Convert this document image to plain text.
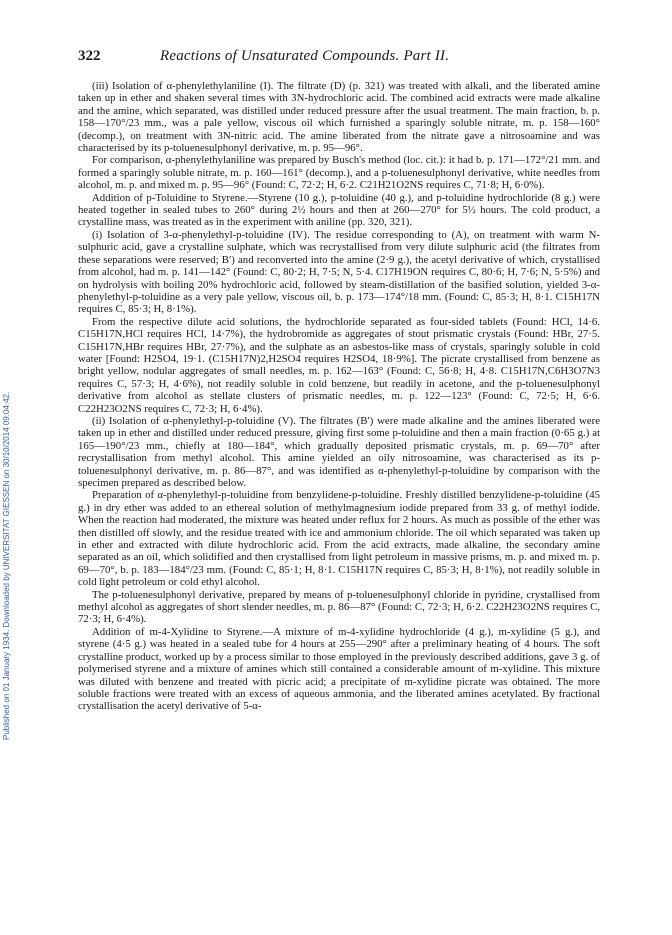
322	Reactions of Unsaturated Compounds. Part II.
Published on 01 January 1934. Downloaded by UNIVERSITAT GIESSEN on 30/10/2014 09:04:42.

(iii) Isolation of α-phenylethylaniline (I). The filtrate (D) (p. 321) was treated with alkali, and the liberated amine taken up in ether and shaken several times with 3N-hydrochloric acid. The combined acid extracts were made alkaline and the amine, which separated, was distilled under reduced pressure after the usual treatment. The main fraction, b. p. 158—170°/23 mm., was a pale yellow, viscous oil which furnished a sparingly soluble nitrate, m. p. 158—160° (decomp.), on treatment with 3N-nitric acid. The amine liberated from the nitrate gave a nitrosoamine and was characterised by its p-toluenesulphonyl derivative, m. p. 95—96°.

For comparison, α-phenylethylaniline was prepared by Busch's method (loc. cit.): it had b. p. 171—172°/21 mm. and formed a sparingly soluble nitrate, m. p. 160—161° (decomp.), and a p-toluenesulphonyl derivative, white needles from alcohol, m. p. and mixed m. p. 95—96° (Found: C, 72·2; H, 6·2. C21H21O2NS requires C, 71·8; H, 6·0%).

Addition of p-Toluidine to Styrene.—Styrene (10 g.), p-toluidine (40 g.), and p-toluidine hydrochloride (8 g.) were heated together in sealed tubes to 260° during 2½ hours and then at 260—270° for 5½ hours. The cold product, a crystalline mass, was treated as in the experiment with aniline (pp. 320, 321).

(i) Isolation of 3-α-phenylethyl-p-toluidine (IV). The residue corresponding to (A), on treatment with warm N-sulphuric acid, gave a crystalline sulphate, which was recrystallised from very dilute sulphuric acid (the filtrates from these separations were reserved; B′) and reconverted into the amine (2·9 g.), the acetyl derivative of which, crystallised from alcohol, had m. p. 141—142° (Found: C, 80·2; H, 7·5; N, 5·4. C17H19ON requires C, 80·6; H, 7·6; N, 5·5%) and on hydrolysis with boiling 20% hydrochloric acid, followed by steam-distillation of the basified solution, yielded 3-α-phenylethyl-p-toluidine as a very pale yellow, viscous oil, b. p. 173—174°/18 mm. (Found: C, 85·3; H, 8·1. C15H17N requires C, 85·3; H, 8·1%).

From the respective dilute acid solutions, the hydrochloride separated as four-sided tablets (Found: HCl, 14·6. C15H17N,HCl requires HCl, 14·7%), the hydrobromide as aggregates of stout prismatic crystals (Found: HBr, 27·5. C15H17N,HBr requires HBr, 27·7%), and the sulphate as an asbestos-like mass of crystals, sparingly soluble in cold water [Found: H2SO4, 19·1. (C15H17N)2,H2SO4 requires H2SO4, 18·9%]. The picrate crystallised from benzene as bright yellow, nodular aggregates of small needles, m. p. 162—163° (Found: C, 56·8; H, 4·8. C15H17N,C6H3O7N3 requires C, 57·3; H, 4·6%), not readily soluble in cold benzene, but readily in acetone, and the p-toluenesulphonyl derivative from alcohol as stellate clusters of prismatic needles, m. p. 122—123° (Found: C, 72·5; H, 6·6. C22H23O2NS requires C, 72·3; H, 6·4%).

(ii) Isolation of α-phenylethyl-p-toluidine (V). The filtrates (B′) were made alkaline and the amines liberated were taken up in ether and distilled under reduced pressure, giving first some p-toluidine and then a main fraction (0·65 g.) at 165—190°/23 mm., chiefly at 180—184°, which gradually deposited prismatic crystals, m. p. 69—70° after recrystallisation from methyl alcohol. This amine yielded an oily nitrosoamine, was characterised as its p-toluenesulphonyl derivative, m. p. 86—87°, and was identified as α-phenylethyl-p-toluidine by comparison with the specimen prepared as described below.

Preparation of α-phenylethyl-p-toluidine from benzylidene-p-toluidine. Freshly distilled benzylidene-p-toluidine (45 g.) in dry ether was added to an ethereal solution of methylmagnesium iodide prepared from 33 g. of methyl iodide. When the reaction had moderated, the mixture was heated under reflux for 2 hours. As much as possible of the ether was then distilled off slowly, and the residue treated with ice and ammonium chloride. The oil which separated was taken up in ether and extracted with dilute hydrochloric acid. From the acid extracts, made alkaline, the secondary amine separated as an oil, which solidified and then crystallised from light petroleum in massive prisms, m. p. and mixed m. p. 69—70°, b. p. 183—184°/23 mm. (Found: C, 85·1; H, 8·1. C15H17N requires C, 85·3; H, 8·1%), not readily soluble in cold light petroleum or cold ethyl alcohol.

The p-toluenesulphonyl derivative, prepared by means of p-toluenesulphonyl chloride in pyridine, crystallised from methyl alcohol as aggregates of short slender needles, m. p. 86—87° (Found: C, 72·3; H, 6·2. C22H23O2NS requires C, 72·3; H, 6·4%).

Addition of m-4-Xylidine to Styrene.—A mixture of m-4-xylidine hydrochloride (4 g.), m-xylidine (5 g.), and styrene (4·5 g.) was heated in a sealed tube for 4 hours at 255—290° after a preliminary heating of 4 hours. The soft crystalline product, worked up by a process similar to those employed in the previously described additions, gave 3 g. of polymerised styrene and a mixture of amines which still contained a considerable amount of m-xylidine. This mixture was diluted with benzene and treated with picric acid; a precipitate of m-xylidine picrate was obtained. The more soluble fractions were treated with an excess of aqueous ammonia, and the liberated amines acetylated. By fractional crystallisation the acetyl derivative of 5-α-
